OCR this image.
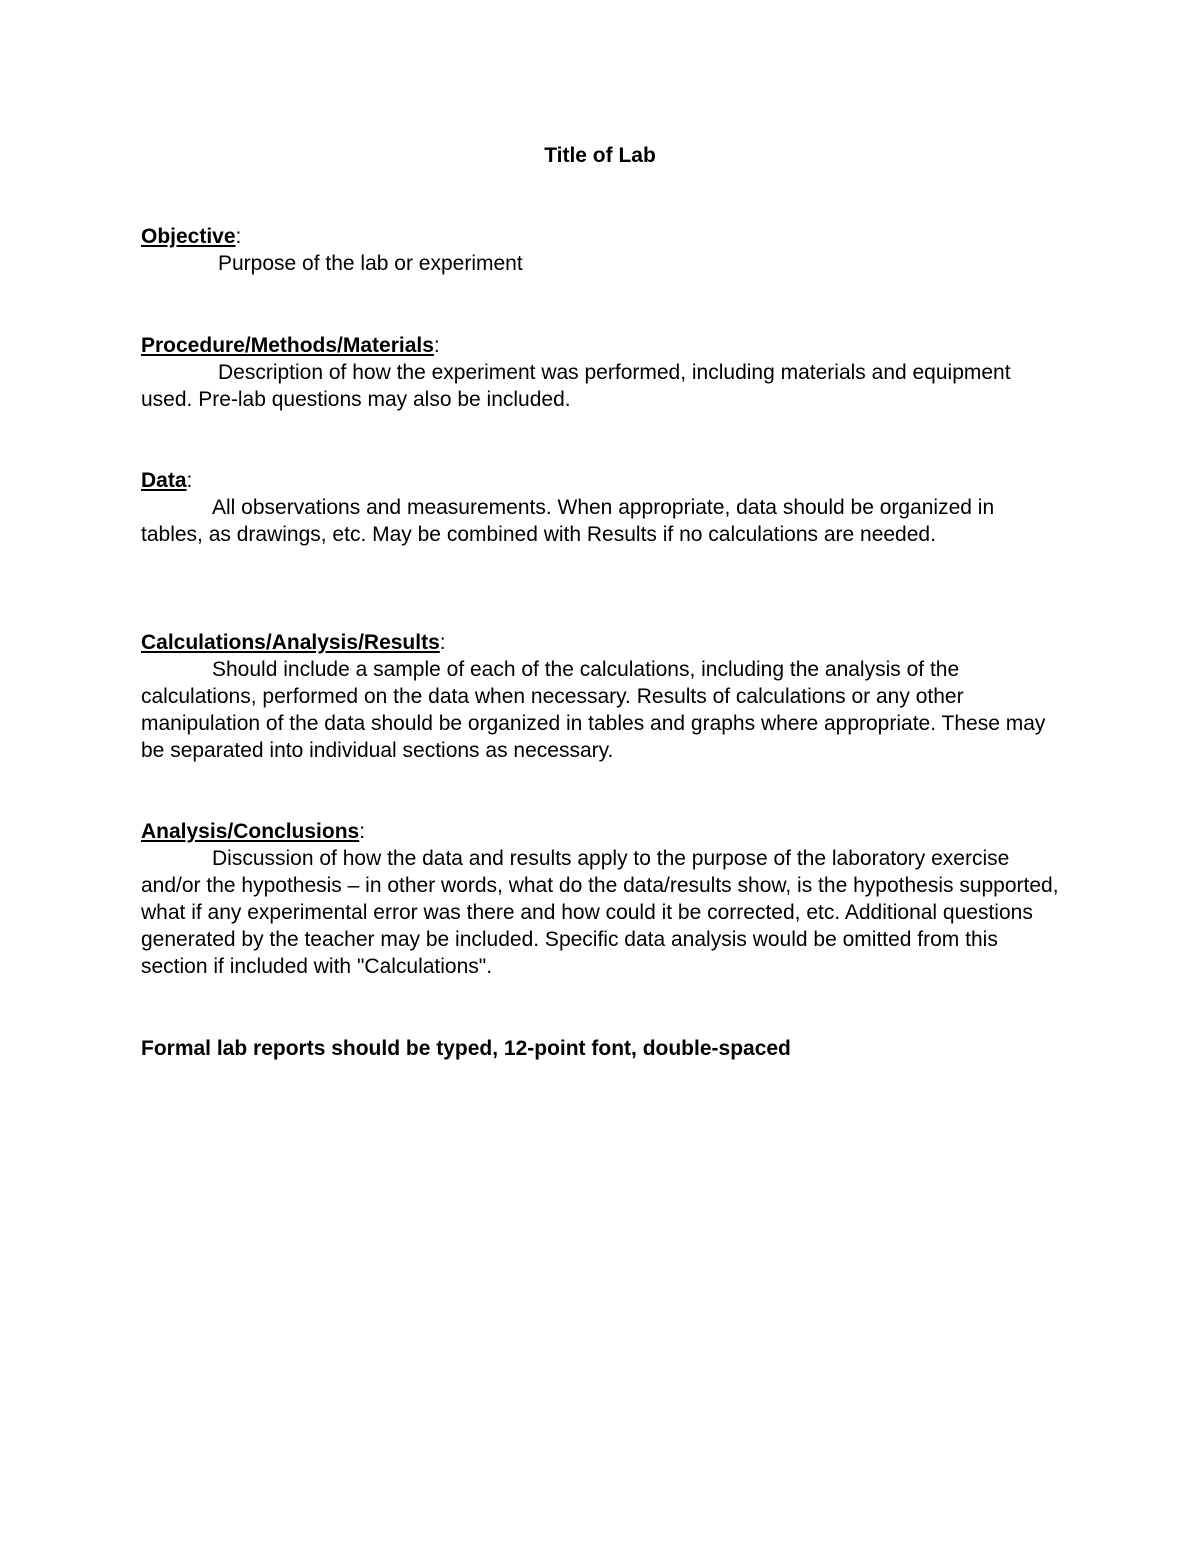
Title of Lab
Objective:

Purpose of the lab or experiment

Procedure/Methods/Materials:

Description of how the experiment was performed, including materials and equipment used. Pre-lab questions may also be included.

Data:

All observations and measurements. When appropriate, data should be organized in tables, as drawings, etc. May be combined with Results if no calculations are needed.

Calculations/Analysis/Results:

Should include a sample of each of the calculations, including the analysis of the calculations, performed on the data when necessary. Results of calculations or any other manipulation of the data should be organized in tables and graphs where appropriate. These may be separated into individual sections as necessary.

Analysis/Conclusions:

Discussion of how the data and results apply to the purpose of the laboratory exercise and/or the hypothesis – in other words, what do the data/results show, is the hypothesis supported, what if any experimental error was there and how could it be corrected, etc. Additional questions generated by the teacher may be included. Specific data analysis would be omitted from this section if included with "Calculations".

Formal lab reports should be typed, 12-point font, double-spaced
